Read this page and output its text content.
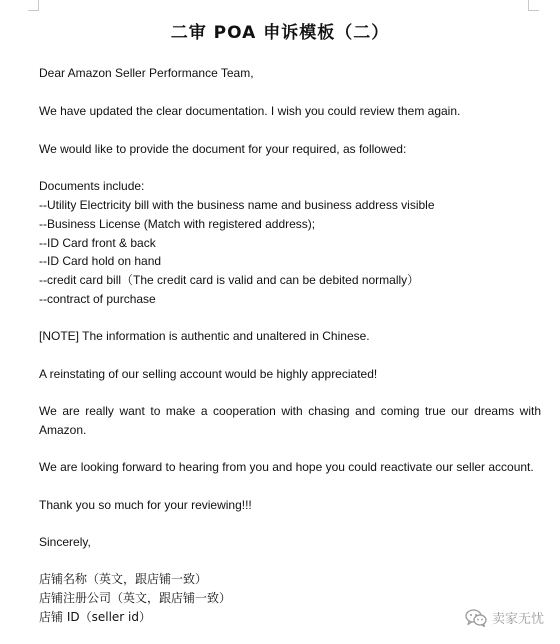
二审 POA 申诉模板（二）
Dear Amazon Seller Performance Team,
We have updated the clear documentation. I wish you could review them again.
We would like to provide the document for your required, as followed:
Documents include:
--Utility Electricity bill with the business name and business address visible
--Business License (Match with registered address);
--ID Card front & back
--ID Card hold on hand
--credit card bill（The credit card is valid and can be debited normally）
--contract of purchase
[NOTE] The information is authentic and unaltered in Chinese.
A reinstating of our selling account would be highly appreciated!
We are really want to make a cooperation with chasing and coming true our dreams with Amazon.
We are looking forward to hearing from you and hope you could reactivate our seller account.
Thank you so much for your reviewing!!!
Sincerely,
店铺名称（英文，跟店铺一致）
店铺注册公司（英文，跟店铺一致）
店铺 ID（seller id）	卖家无忧
